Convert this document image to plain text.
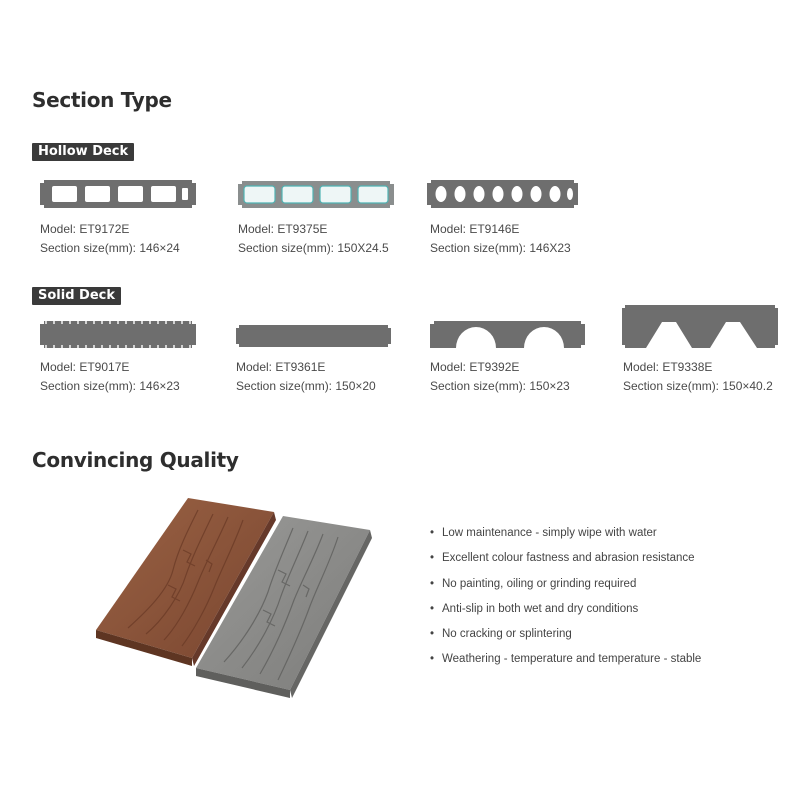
Section Type
Hollow Deck
Solid Deck
Model: ET9172E
Section size(mm): 146×24
Model: ET9375E
Section size(mm): 150X24.5
Model: ET9146E
Section size(mm): 146X23
Model: ET9017E
Section size(mm): 146×23
Model: ET9361E
Section size(mm): 150×20
Model: ET9392E
Section size(mm): 150×23
Model: ET9338E
Section size(mm): 150×40.2
Convincing Quality
• Low maintenance - simply wipe with water
• Excellent colour fastness and abrasion resistance
• No painting, oiling or grinding required
• Anti-slip in both wet and dry conditions
• No cracking or splintering
• Weathering - temperature and temperature - stable
